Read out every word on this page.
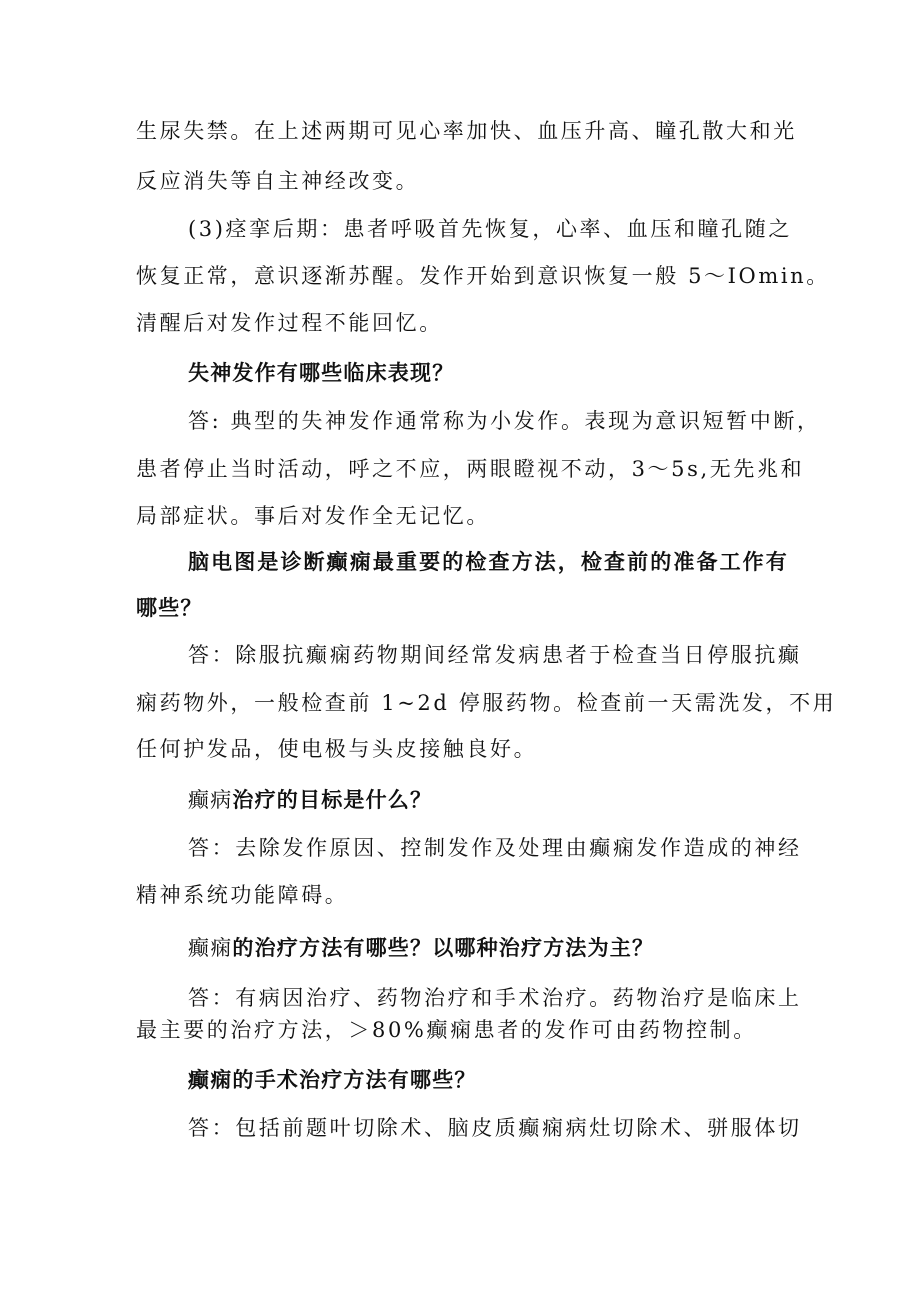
生尿失禁。在上述两期可见心率加快、血压升高、瞳孔散大和光
反应消失等自主神经改变。
(3)痉挛后期：患者呼吸首先恢复，心率、血压和瞳孔随之
恢复正常，意识逐渐苏醒。发作开始到意识恢复一般 5～IOmin。
清醒后对发作过程不能回忆。
失神发作有哪些临床表现？
答: 典型的失神发作通常称为小发作。表现为意识短暂中断，
患者停止当时活动，呼之不应，两眼瞪视不动，3～5s,无先兆和
局部症状。事后对发作全无记忆。
脑电图是诊断癫痫最重要的检查方法，检查前的准备工作有
哪些？
答：除服抗癫痫药物期间经常发病患者于检查当日停服抗癫
痫药物外，一般检查前 1~2d 停服药物。检查前一天需洗发，不用
任何护发品，使电极与头皮接触良好。
癫病治疗的目标是什么？
答：去除发作原因、控制发作及处理由癫痫发作造成的神经
精神系统功能障碍。
癫痫的治疗方法有哪些？以哪种治疗方法为主？
答：有病因治疗、药物治疗和手术治疗。药物治疗是临床上
最主要的治疗方法，＞80%癫痫患者的发作可由药物控制。
癫痫的手术治疗方法有哪些？
答：包括前题叶切除术、脑皮质癫痫病灶切除术、骈服体切
